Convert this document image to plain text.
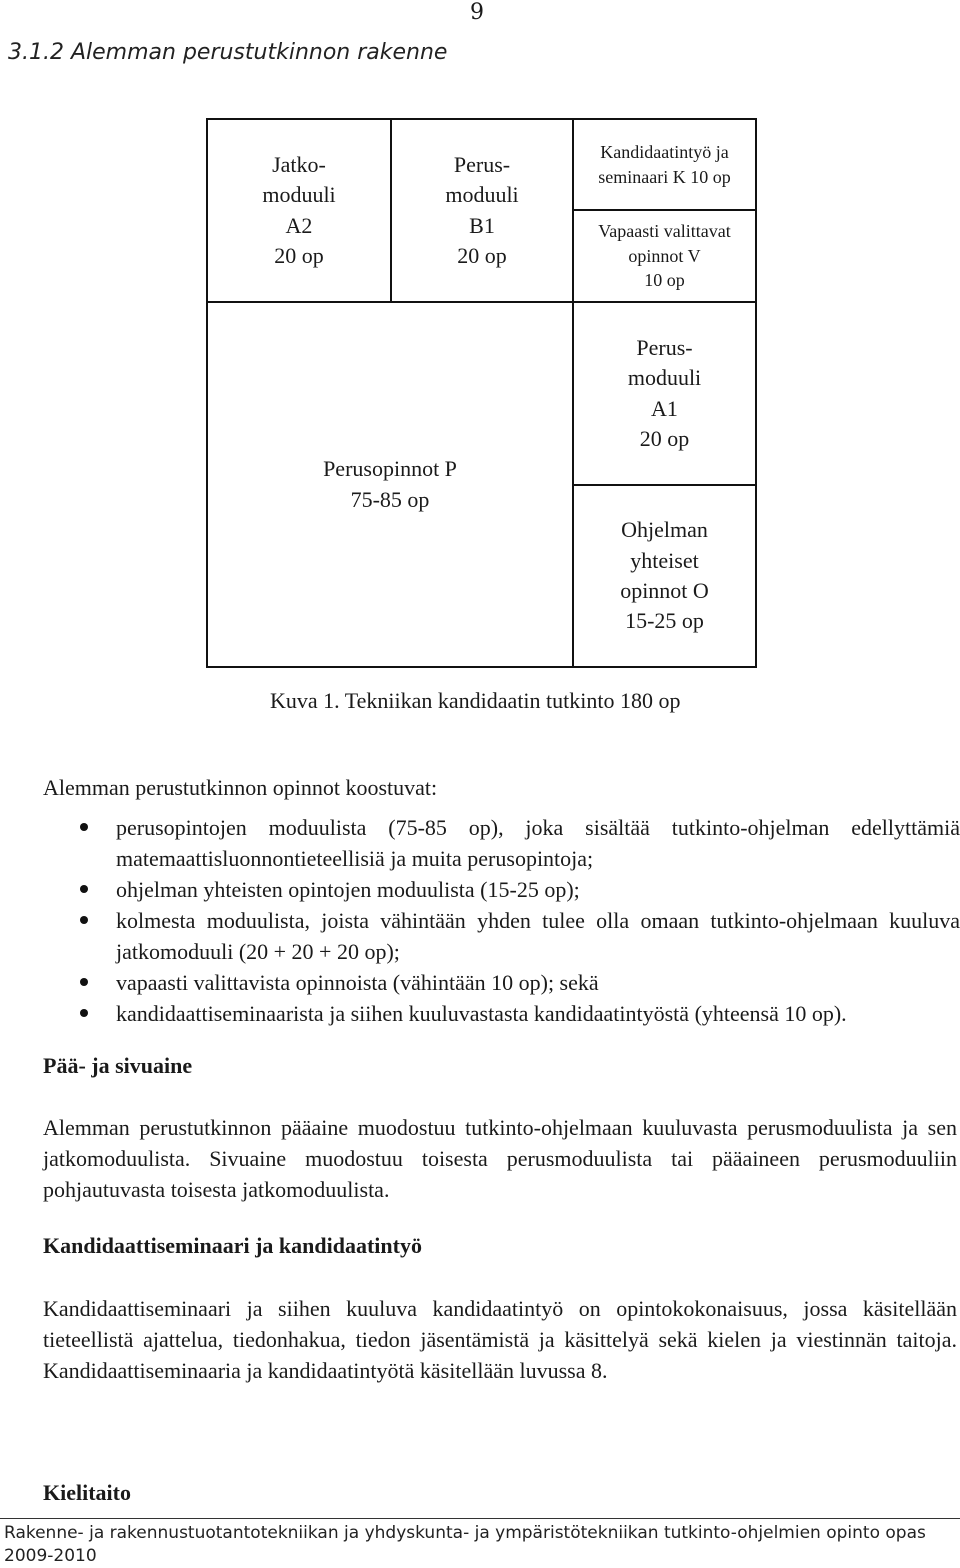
9
3.1.2 Alemman perustutkinnon rakenne
Jatko-
moduuli
A2
20 op
Perus-
moduuli
B1
20 op
Kandidaatintyö ja
seminaari K 10 op
Vapaasti valittavat
opinnot V
10 op
Perusopinnot P
75-85 op
Perus-
moduuli
A1
20 op
Ohjelman
yhteiset
opinnot O
15-25 op
Kuva 1. Tekniikan kandidaatin tutkinto 180 op
Alemman perustutkinnon opinnot koostuvat:
perusopintojen moduulista (75-85 op), joka sisältää tutkinto-ohjelman edellyttämiä matemaattisluonnontieteellisiä ja muita perusopintoja;
ohjelman yhteisten opintojen moduulista (15-25 op);
kolmesta moduulista, joista vähintään yhden tulee olla omaan tutkinto-ohjelmaan kuuluva jatkomoduuli (20 + 20 + 20 op);
vapaasti valittavista opinnoista (vähintään 10 op); sekä
kandidaattiseminaarista ja siihen kuuluvastasta kandidaatintyöstä (yhteensä 10 op).
Pää- ja sivuaine
Alemman perustutkinnon pääaine muodostuu tutkinto-ohjelmaan kuuluvasta perusmoduulista ja sen jatkomoduulista. Sivuaine muodostuu toisesta perusmoduulista tai pääaineen perusmoduuliin pohjautuvasta toisesta jatkomoduulista.
Kandidaattiseminaari ja kandidaatintyö
Kandidaattiseminaari ja siihen kuuluva kandidaatintyö on opintokokonaisuus, jossa käsitellään tieteellistä ajattelua, tiedonhakua, tiedon jäsentämistä ja käsittelyä sekä kielen ja viestinnän taitoja. Kandidaattiseminaaria ja kandidaatintyötä käsitellään luvussa 8.
Kielitaito
Rakenne- ja rakennustuotantotekniikan ja yhdyskunta- ja ympäristötekniikan tutkinto-ohjelmien opinto opas 2009-2010
